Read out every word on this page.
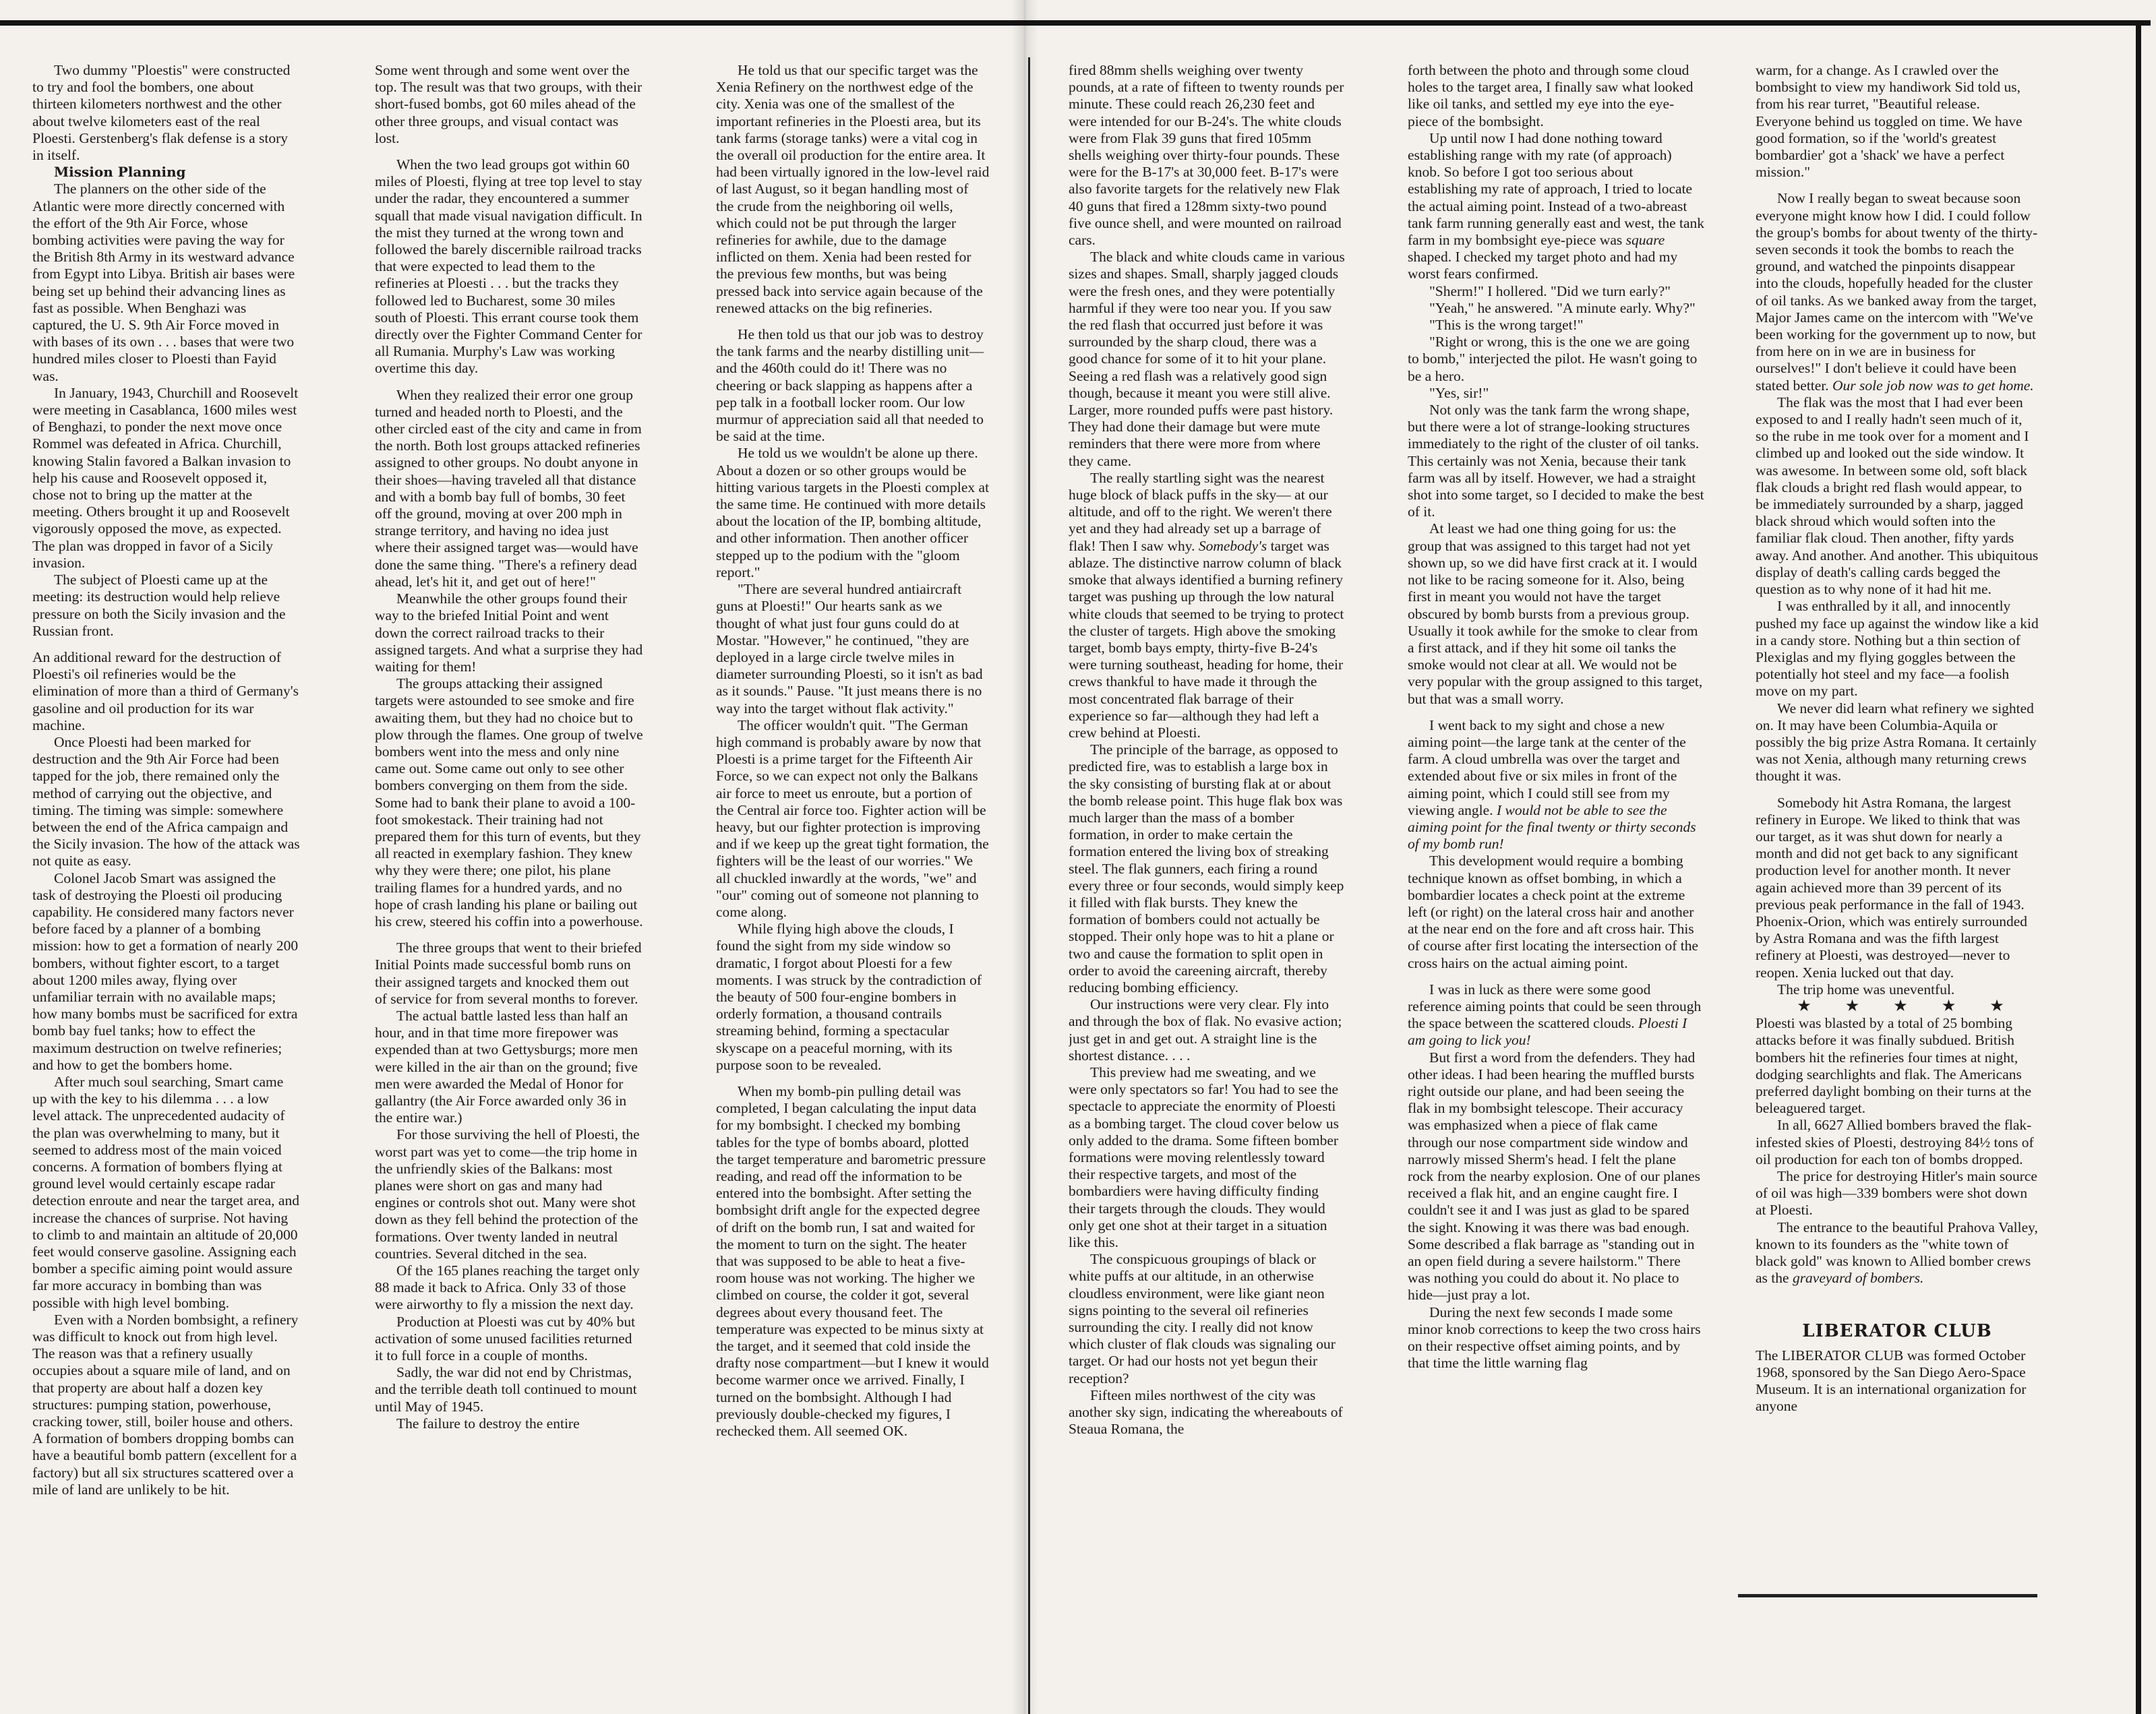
Two dummy "Ploestis" were constructed to try and fool the bombers, one about thirteen kilometers northwest and the other about twelve kilometers east of the real Ploesti. Gerstenberg's flak defense is a story in itself.

Mission Planning

The planners on the other side of the Atlantic were more directly concerned with the effort of the 9th Air Force, whose bombing activities were paving the way for the British 8th Army in its westward advance from Egypt into Libya. British air bases were being set up behind their advancing lines as fast as possible. When Benghazi was captured, the U. S. 9th Air Force moved in with bases of its own . . . bases that were two hundred miles closer to Ploesti than Fayid was.

In January, 1943, Churchill and Roosevelt were meeting in Casablanca, 1600 miles west of Benghazi, to ponder the next move once Rommel was defeated in Africa. Churchill, knowing Stalin favored a Balkan invasion to help his cause and Roosevelt opposed it, chose not to bring up the matter at the meeting. Others brought it up and Roosevelt vigorously opposed the move, as expected. The plan was dropped in favor of a Sicily invasion.

The subject of Ploesti came up at the meeting: its destruction would help relieve pressure on both the Sicily invasion and the Russian front.

An additional reward for the destruction of Ploesti's oil refineries would be the elimination of more than a third of Germany's gasoline and oil production for its war machine.

Once Ploesti had been marked for destruction and the 9th Air Force had been tapped for the job, there remained only the method of carrying out the objective, and timing. The timing was simple: somewhere between the end of the Africa campaign and the Sicily invasion. The how of the attack was not quite as easy.

Colonel Jacob Smart was assigned the task of destroying the Ploesti oil producing capability. He considered many factors never before faced by a planner of a bombing mission: how to get a formation of nearly 200 bombers, without fighter escort, to a target about 1200 miles away, flying over unfamiliar terrain with no available maps; how many bombs must be sacrificed for extra bomb bay fuel tanks; how to effect the maximum destruction on twelve refineries; and how to get the bombers home.

After much soul searching, Smart came up with the key to his dilemma . . . a low level attack. The unprecedented audacity of the plan was overwhelming to many, but it seemed to address most of the main voiced concerns. A formation of bombers flying at ground level would certainly escape radar detection enroute and near the target area, and increase the chances of surprise. Not having to climb to and maintain an altitude of 20,000 feet would conserve gasoline. Assigning each bomber a specific aiming point would assure far more accuracy in bombing than was possible with high level bombing.

Even with a Norden bombsight, a refinery was difficult to knock out from high level. The reason was that a refinery usually occupies about a square mile of land, and on that property are about half a dozen key structures: pumping station, powerhouse, cracking tower, still, boiler house and others. A formation of bombers dropping bombs can have a beautiful bomb pattern (excellent for a factory) but all six structures scattered over a mile of land are unlikely to be hit.

Some went through and some went over the top. The result was that two groups, with their short-fused bombs, got 60 miles ahead of the other three groups, and visual contact was lost.

When the two lead groups got within 60 miles of Ploesti, flying at tree top level to stay under the radar, they encountered a summer squall that made visual navigation difficult. In the mist they turned at the wrong town and followed the barely discernible railroad tracks that were expected to lead them to the refineries at Ploesti . . . but the tracks they followed led to Bucharest, some 30 miles south of Ploesti. This errant course took them directly over the Fighter Command Center for all Rumania. Murphy's Law was working overtime this day.

When they realized their error one group turned and headed north to Ploesti, and the other circled east of the city and came in from the north. Both lost groups attacked refineries assigned to other groups. No doubt anyone in their shoes—having traveled all that distance and with a bomb bay full of bombs, 30 feet off the ground, moving at over 200 mph in strange territory, and having no idea just where their assigned target was—would have done the same thing. "There's a refinery dead ahead, let's hit it, and get out of here!"

Meanwhile the other groups found their way to the briefed Initial Point and went down the correct railroad tracks to their assigned targets. And what a surprise they had waiting for them!

The groups attacking their assigned targets were astounded to see smoke and fire awaiting them, but they had no choice but to plow through the flames. One group of twelve bombers went into the mess and only nine came out. Some came out only to see other bombers converging on them from the side. Some had to bank their plane to avoid a 100-foot smokestack. Their training had not prepared them for this turn of events, but they all reacted in exemplary fashion. They knew why they were there; one pilot, his plane trailing flames for a hundred yards, and no hope of crash landing his plane or bailing out his crew, steered his coffin into a powerhouse.

The three groups that went to their briefed Initial Points made successful bomb runs on their assigned targets and knocked them out of service for from several months to forever.

The actual battle lasted less than half an hour, and in that time more firepower was expended than at two Gettysburgs; more men were killed in the air than on the ground; five men were awarded the Medal of Honor for gallantry (the Air Force awarded only 36 in the entire war.)

For those surviving the hell of Ploesti, the worst part was yet to come—the trip home in the unfriendly skies of the Balkans: most planes were short on gas and many had engines or controls shot out. Many were shot down as they fell behind the protection of the formations. Over twenty landed in neutral countries. Several ditched in the sea.

Of the 165 planes reaching the target only 88 made it back to Africa. Only 33 of those were airworthy to fly a mission the next day.

Production at Ploesti was cut by 40% but activation of some unused facilities returned it to full force in a couple of months.

Sadly, the war did not end by Christmas, and the terrible death toll continued to mount until May of 1945.

The failure to destroy the entire

He told us that our specific target was the Xenia Refinery on the northwest edge of the city. Xenia was one of the smallest of the important refineries in the Ploesti area, but its tank farms (storage tanks) were a vital cog in the overall oil production for the entire area. It had been virtually ignored in the low-level raid of last August, so it began handling most of the crude from the neighboring oil wells, which could not be put through the larger refineries for awhile, due to the damage inflicted on them. Xenia had been rested for the previous few months, but was being pressed back into service again because of the renewed attacks on the big refineries.

He then told us that our job was to destroy the tank farms and the nearby distilling unit—and the 460th could do it! There was no cheering or back slapping as happens after a pep talk in a football locker room. Our low murmur of appreciation said all that needed to be said at the time.

He told us we wouldn't be alone up there. About a dozen or so other groups would be hitting various targets in the Ploesti complex at the same time. He continued with more details about the location of the IP, bombing altitude, and other information. Then another officer stepped up to the podium with the "gloom report."

"There are several hundred antiaircraft guns at Ploesti!" Our hearts sank as we thought of what just four guns could do at Mostar. "However," he continued, "they are deployed in a large circle twelve miles in diameter surrounding Ploesti, so it isn't as bad as it sounds." Pause. "It just means there is no way into the target without flak activity."

The officer wouldn't quit. "The German high command is probably aware by now that Ploesti is a prime target for the Fifteenth Air Force, so we can expect not only the Balkans air force to meet us enroute, but a portion of the Central air force too. Fighter action will be heavy, but our fighter protection is improving and if we keep up the great tight formation, the fighters will be the least of our worries." We all chuckled inwardly at the words, "we" and "our" coming out of someone not planning to come along.

While flying high above the clouds, I found the sight from my side window so dramatic, I forgot about Ploesti for a few moments. I was struck by the contradiction of the beauty of 500 four-engine bombers in orderly formation, a thousand contrails streaming behind, forming a spectacular skyscape on a peaceful morning, with its purpose soon to be revealed.

When my bomb-pin pulling detail was completed, I began calculating the input data for my bombsight. I checked my bombing tables for the type of bombs aboard, plotted the target temperature and barometric pressure reading, and read off the information to be entered into the bombsight. After setting the bombsight drift angle for the expected degree of drift on the bomb run, I sat and waited for the moment to turn on the sight. The heater that was supposed to be able to heat a five-room house was not working. The higher we climbed on course, the colder it got, several degrees about every thousand feet. The temperature was expected to be minus sixty at the target, and it seemed that cold inside the drafty nose compartment—but I knew it would become warmer once we arrived. Finally, I turned on the bombsight. Although I had previously double-checked my figures, I rechecked them. All seemed OK.

fired 88mm shells weighing over twenty pounds, at a rate of fifteen to twenty rounds per minute. These could reach 26,230 feet and were intended for our B-24's. The white clouds were from Flak 39 guns that fired 105mm shells weighing over thirty-four pounds. These were for the B-17's at 30,000 feet. B-17's were also favorite targets for the relatively new Flak 40 guns that fired a 128mm sixty-two pound five ounce shell, and were mounted on railroad cars.

The black and white clouds came in various sizes and shapes. Small, sharply jagged clouds were the fresh ones, and they were potentially harmful if they were too near you. If you saw the red flash that occurred just before it was surrounded by the sharp cloud, there was a good chance for some of it to hit your plane. Seeing a red flash was a relatively good sign though, because it meant you were still alive. Larger, more rounded puffs were past history. They had done their damage but were mute reminders that there were more from where they came.

The really startling sight was the nearest huge block of black puffs in the sky— at our altitude, and off to the right. We weren't there yet and they had already set up a barrage of flak! Then I saw why. Somebody's target was ablaze. The distinctive narrow column of black smoke that always identified a burning refinery target was pushing up through the low natural white clouds that seemed to be trying to protect the cluster of targets. High above the smoking target, bomb bays empty, thirty-five B-24's were turning southeast, heading for home, their crews thankful to have made it through the most concentrated flak barrage of their experience so far—although they had left a crew behind at Ploesti.

The principle of the barrage, as opposed to predicted fire, was to establish a large box in the sky consisting of bursting flak at or about the bomb release point. This huge flak box was much larger than the mass of a bomber formation, in order to make certain the formation entered the living box of streaking steel. The flak gunners, each firing a round every three or four seconds, would simply keep it filled with flak bursts. They knew the formation of bombers could not actually be stopped. Their only hope was to hit a plane or two and cause the formation to split open in order to avoid the careening aircraft, thereby reducing bombing efficiency.

Our instructions were very clear. Fly into and through the box of flak. No evasive action; just get in and get out. A straight line is the shortest distance. . . .

This preview had me sweating, and we were only spectators so far! You had to see the spectacle to appreciate the enormity of Ploesti as a bombing target. The cloud cover below us only added to the drama. Some fifteen bomber formations were moving relentlessly toward their respective targets, and most of the bombardiers were having difficulty finding their targets through the clouds. They would only get one shot at their target in a situation like this.

The conspicuous groupings of black or white puffs at our altitude, in an otherwise cloudless environment, were like giant neon signs pointing to the several oil refineries surrounding the city. I really did not know which cluster of flak clouds was signaling our target. Or had our hosts not yet begun their reception?

Fifteen miles northwest of the city was another sky sign, indicating the whereabouts of Steaua Romana, the

forth between the photo and through some cloud holes to the target area, I finally saw what looked like oil tanks, and settled my eye into the eye-piece of the bombsight.

Up until now I had done nothing toward establishing range with my rate (of approach) knob. So before I got too serious about establishing my rate of approach, I tried to locate the actual aiming point. Instead of a two-abreast tank farm running generally east and west, the tank farm in my bombsight eye-piece was square shaped. I checked my target photo and had my worst fears confirmed.

"Sherm!" I hollered. "Did we turn early?"

"Yeah," he answered. "A minute early. Why?"

"This is the wrong target!"

"Right or wrong, this is the one we are going to bomb," interjected the pilot. He wasn't going to be a hero.

"Yes, sir!"

Not only was the tank farm the wrong shape, but there were a lot of strange-looking structures immediately to the right of the cluster of oil tanks. This certainly was not Xenia, because their tank farm was all by itself. However, we had a straight shot into some target, so I decided to make the best of it.

At least we had one thing going for us: the group that was assigned to this target had not yet shown up, so we did have first crack at it. I would not like to be racing someone for it. Also, being first in meant you would not have the target obscured by bomb bursts from a previous group. Usually it took awhile for the smoke to clear from a first attack, and if they hit some oil tanks the smoke would not clear at all. We would not be very popular with the group assigned to this target, but that was a small worry.

I went back to my sight and chose a new aiming point—the large tank at the center of the farm. A cloud umbrella was over the target and extended about five or six miles in front of the aiming point, which I could still see from my viewing angle. I would not be able to see the aiming point for the final twenty or thirty seconds of my bomb run!

This development would require a bombing technique known as offset bombing, in which a bombardier locates a check point at the extreme left (or right) on the lateral cross hair and another at the near end on the fore and aft cross hair. This of course after first locating the intersection of the cross hairs on the actual aiming point.

I was in luck as there were some good reference aiming points that could be seen through the space between the scattered clouds. Ploesti I am going to lick you!

But first a word from the defenders. They had other ideas. I had been hearing the muffled bursts right outside our plane, and had been seeing the flak in my bombsight telescope. Their accuracy was emphasized when a piece of flak came through our nose compartment side window and narrowly missed Sherm's head. I felt the plane rock from the nearby explosion. One of our planes received a flak hit, and an engine caught fire. I couldn't see it and I was just as glad to be spared the sight. Knowing it was there was bad enough. Some described a flak barrage as "standing out in an open field during a severe hailstorm." There was nothing you could do about it. No place to hide—just pray a lot.

During the next few seconds I made some minor knob corrections to keep the two cross hairs on their respective offset aiming points, and by that time the little warning flag

warm, for a change. As I crawled over the bombsight to view my handiwork Sid told us, from his rear turret, "Beautiful release. Everyone behind us toggled on time. We have good formation, so if the 'world's greatest bombardier' got a 'shack' we have a perfect mission."

Now I really began to sweat because soon everyone might know how I did. I could follow the group's bombs for about twenty of the thirty-seven seconds it took the bombs to reach the ground, and watched the pinpoints disappear into the clouds, hopefully headed for the cluster of oil tanks. As we banked away from the target, Major James came on the intercom with "We've been working for the government up to now, but from here on in we are in business for ourselves!" I don't believe it could have been stated better. Our sole job now was to get home.

The flak was the most that I had ever been exposed to and I really hadn't seen much of it, so the rube in me took over for a moment and I climbed up and looked out the side window. It was awesome. In between some old, soft black flak clouds a bright red flash would appear, to be immediately surrounded by a sharp, jagged black shroud which would soften into the familiar flak cloud. Then another, fifty yards away. And another. And another. This ubiquitous display of death's calling cards begged the question as to why none of it had hit me.

I was enthralled by it all, and innocently pushed my face up against the window like a kid in a candy store. Nothing but a thin section of Plexiglas and my flying goggles between the potentially hot steel and my face—a foolish move on my part.

We never did learn what refinery we sighted on. It may have been Columbia-Aquila or possibly the big prize Astra Romana. It certainly was not Xenia, although many returning crews thought it was.

Somebody hit Astra Romana, the largest refinery in Europe. We liked to think that was our target, as it was shut down for nearly a month and did not get back to any significant production level for another month. It never again achieved more than 39 percent of its previous peak performance in the fall of 1943. Phoenix-Orion, which was entirely surrounded by Astra Romana and was the fifth largest refinery at Ploesti, was destroyed—never to reopen. Xenia lucked out that day.

The trip home was uneventful.

★ ★ ★ ★ ★

Ploesti was blasted by a total of 25 bombing attacks before it was finally subdued. British bombers hit the refineries four times at night, dodging searchlights and flak. The Americans preferred daylight bombing on their turns at the beleaguered target.

In all, 6627 Allied bombers braved the flak-infested skies of Ploesti, destroying 84½ tons of oil production for each ton of bombs dropped.

The price for destroying Hitler's main source of oil was high—339 bombers were shot down at Ploesti.

The entrance to the beautiful Prahova Valley, known to its founders as the "white town of black gold" was known to Allied bomber crews as the graveyard of bombers.

LIBERATOR CLUB

The LIBERATOR CLUB was formed October 1968, sponsored by the San Diego Aero-Space Museum. It is an international organization for anyone
